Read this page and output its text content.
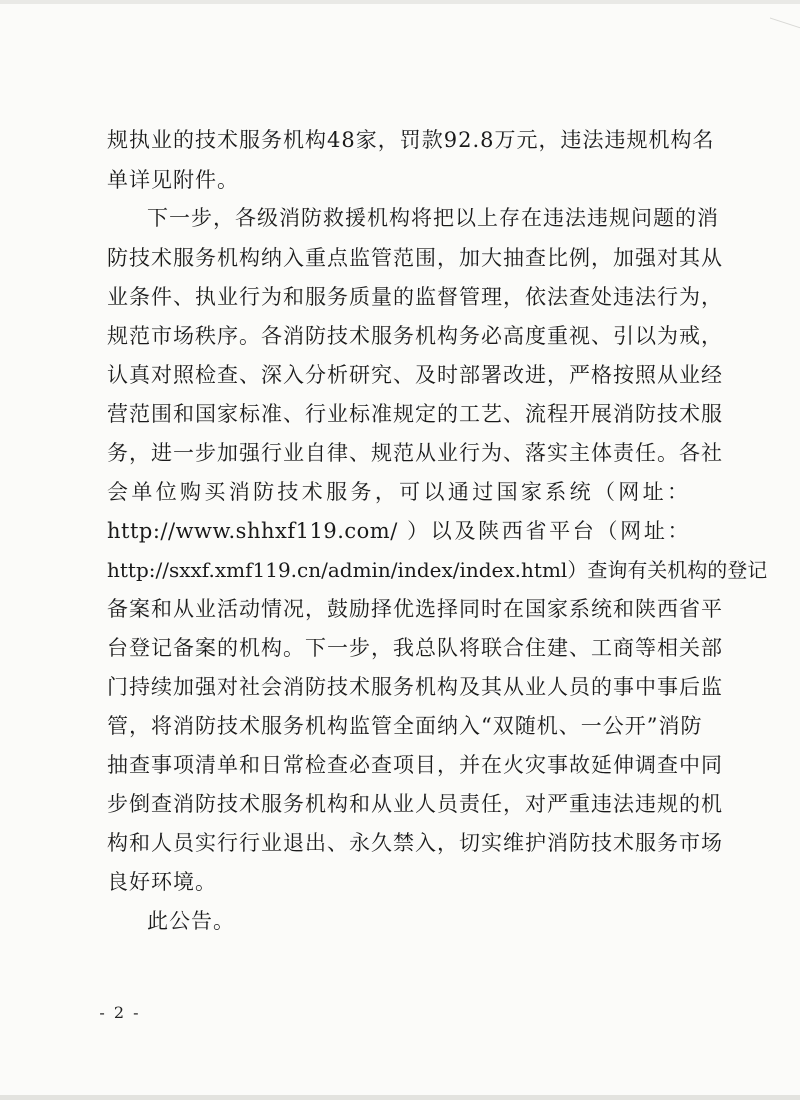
规执业的技术服务机构48家，罚款92.8万元，违法违规机构名
单详见附件。
下一步，各级消防救援机构将把以上存在违法违规问题的消
防技术服务机构纳入重点监管范围，加大抽查比例，加强对其从
业条件、执业行为和服务质量的监督管理，依法查处违法行为，
规范市场秩序。各消防技术服务机构务必高度重视、引以为戒，
认真对照检查、深入分析研究、及时部署改进，严格按照从业经
营范围和国家标准、行业标准规定的工艺、流程开展消防技术服
务，进一步加强行业自律、规范从业行为、落实主体责任。各社
会单位购买消防技术服务，可以通过国家系统（网址：
http://www.shhxf119.com/ ）以及陕西省平台（网址：
http://sxxf.xmf119.cn/admin/index/index.html）查询有关机构的登记
备案和从业活动情况，鼓励择优选择同时在国家系统和陕西省平
台登记备案的机构。下一步，我总队将联合住建、工商等相关部
门持续加强对社会消防技术服务机构及其从业人员的事中事后监
管，将消防技术服务机构监管全面纳入“双随机、一公开”消防
抽查事项清单和日常检查必查项目，并在火灾事故延伸调查中同
步倒查消防技术服务机构和从业人员责任，对严重违法违规的机
构和人员实行行业退出、永久禁入，切实维护消防技术服务市场
良好环境。
此公告。
- 2 -
